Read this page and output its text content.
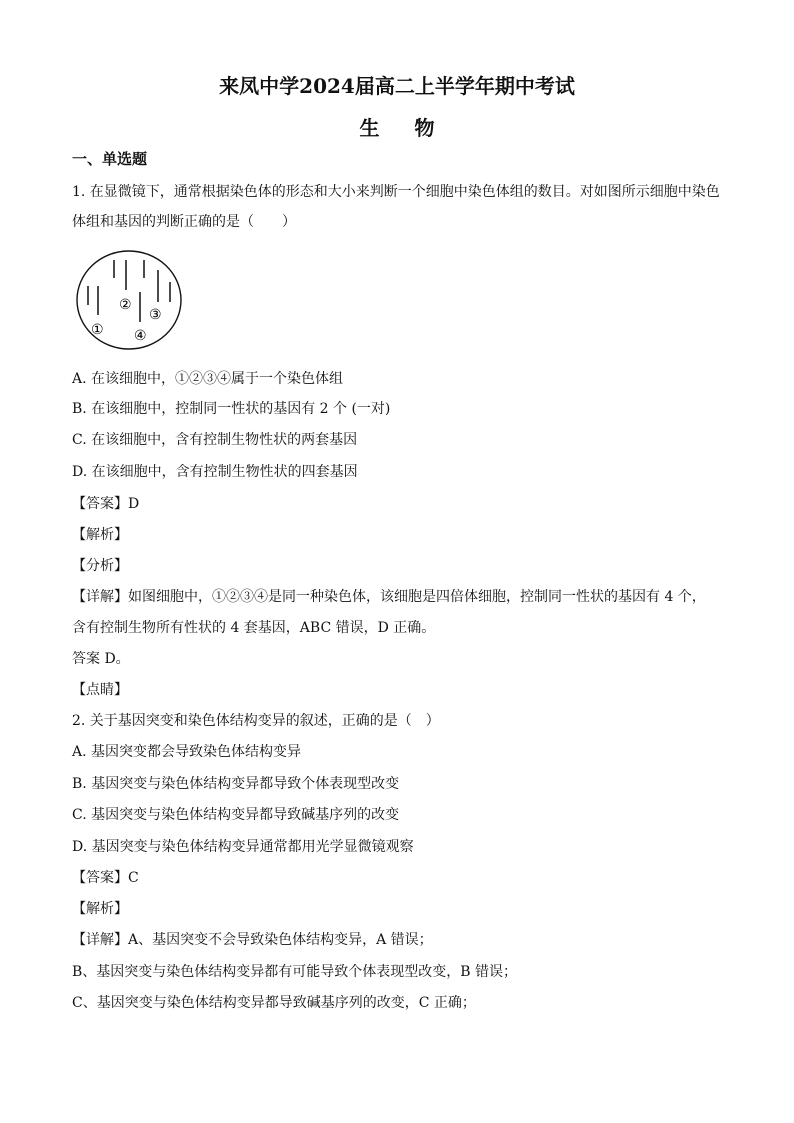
来凤中学2024届高二上半学年期中考试
生 物
一、单选题
1. 在显微镜下，通常根据染色体的形态和大小来判断一个细胞中染色体组的数目。对如图所示细胞中染色
体组和基因的判断正确的是（　　）
①
②
③
④
A. 在该细胞中，①②③④属于一个染色体组
B. 在该细胞中，控制同一性状的基因有 2 个 (一对)
C. 在该细胞中，含有控制生物性状的两套基因
D. 在该细胞中，含有控制生物性状的四套基因
【答案】D
【解析】
【分析】
【详解】如图细胞中，①②③④是同一种染色体，该细胞是四倍体细胞，控制同一性状的基因有 4 个，
含有控制生物所有性状的 4 套基因，ABC 错误，D 正确。
答案 D。
【点睛】
2. 关于基因突变和染色体结构变异的叙述，正确的是（　）
A. 基因突变都会导致染色体结构变异
B. 基因突变与染色体结构变异都导致个体表现型改变
C. 基因突变与染色体结构变异都导致碱基序列的改变
D. 基因突变与染色体结构变异通常都用光学显微镜观察
【答案】C
【解析】
【详解】A、基因突变不会导致染色体结构变异，A 错误；
B、基因突变与染色体结构变异都有可能导致个体表现型改变，B 错误；
C、基因突变与染色体结构变异都导致碱基序列的改变，C 正确；
